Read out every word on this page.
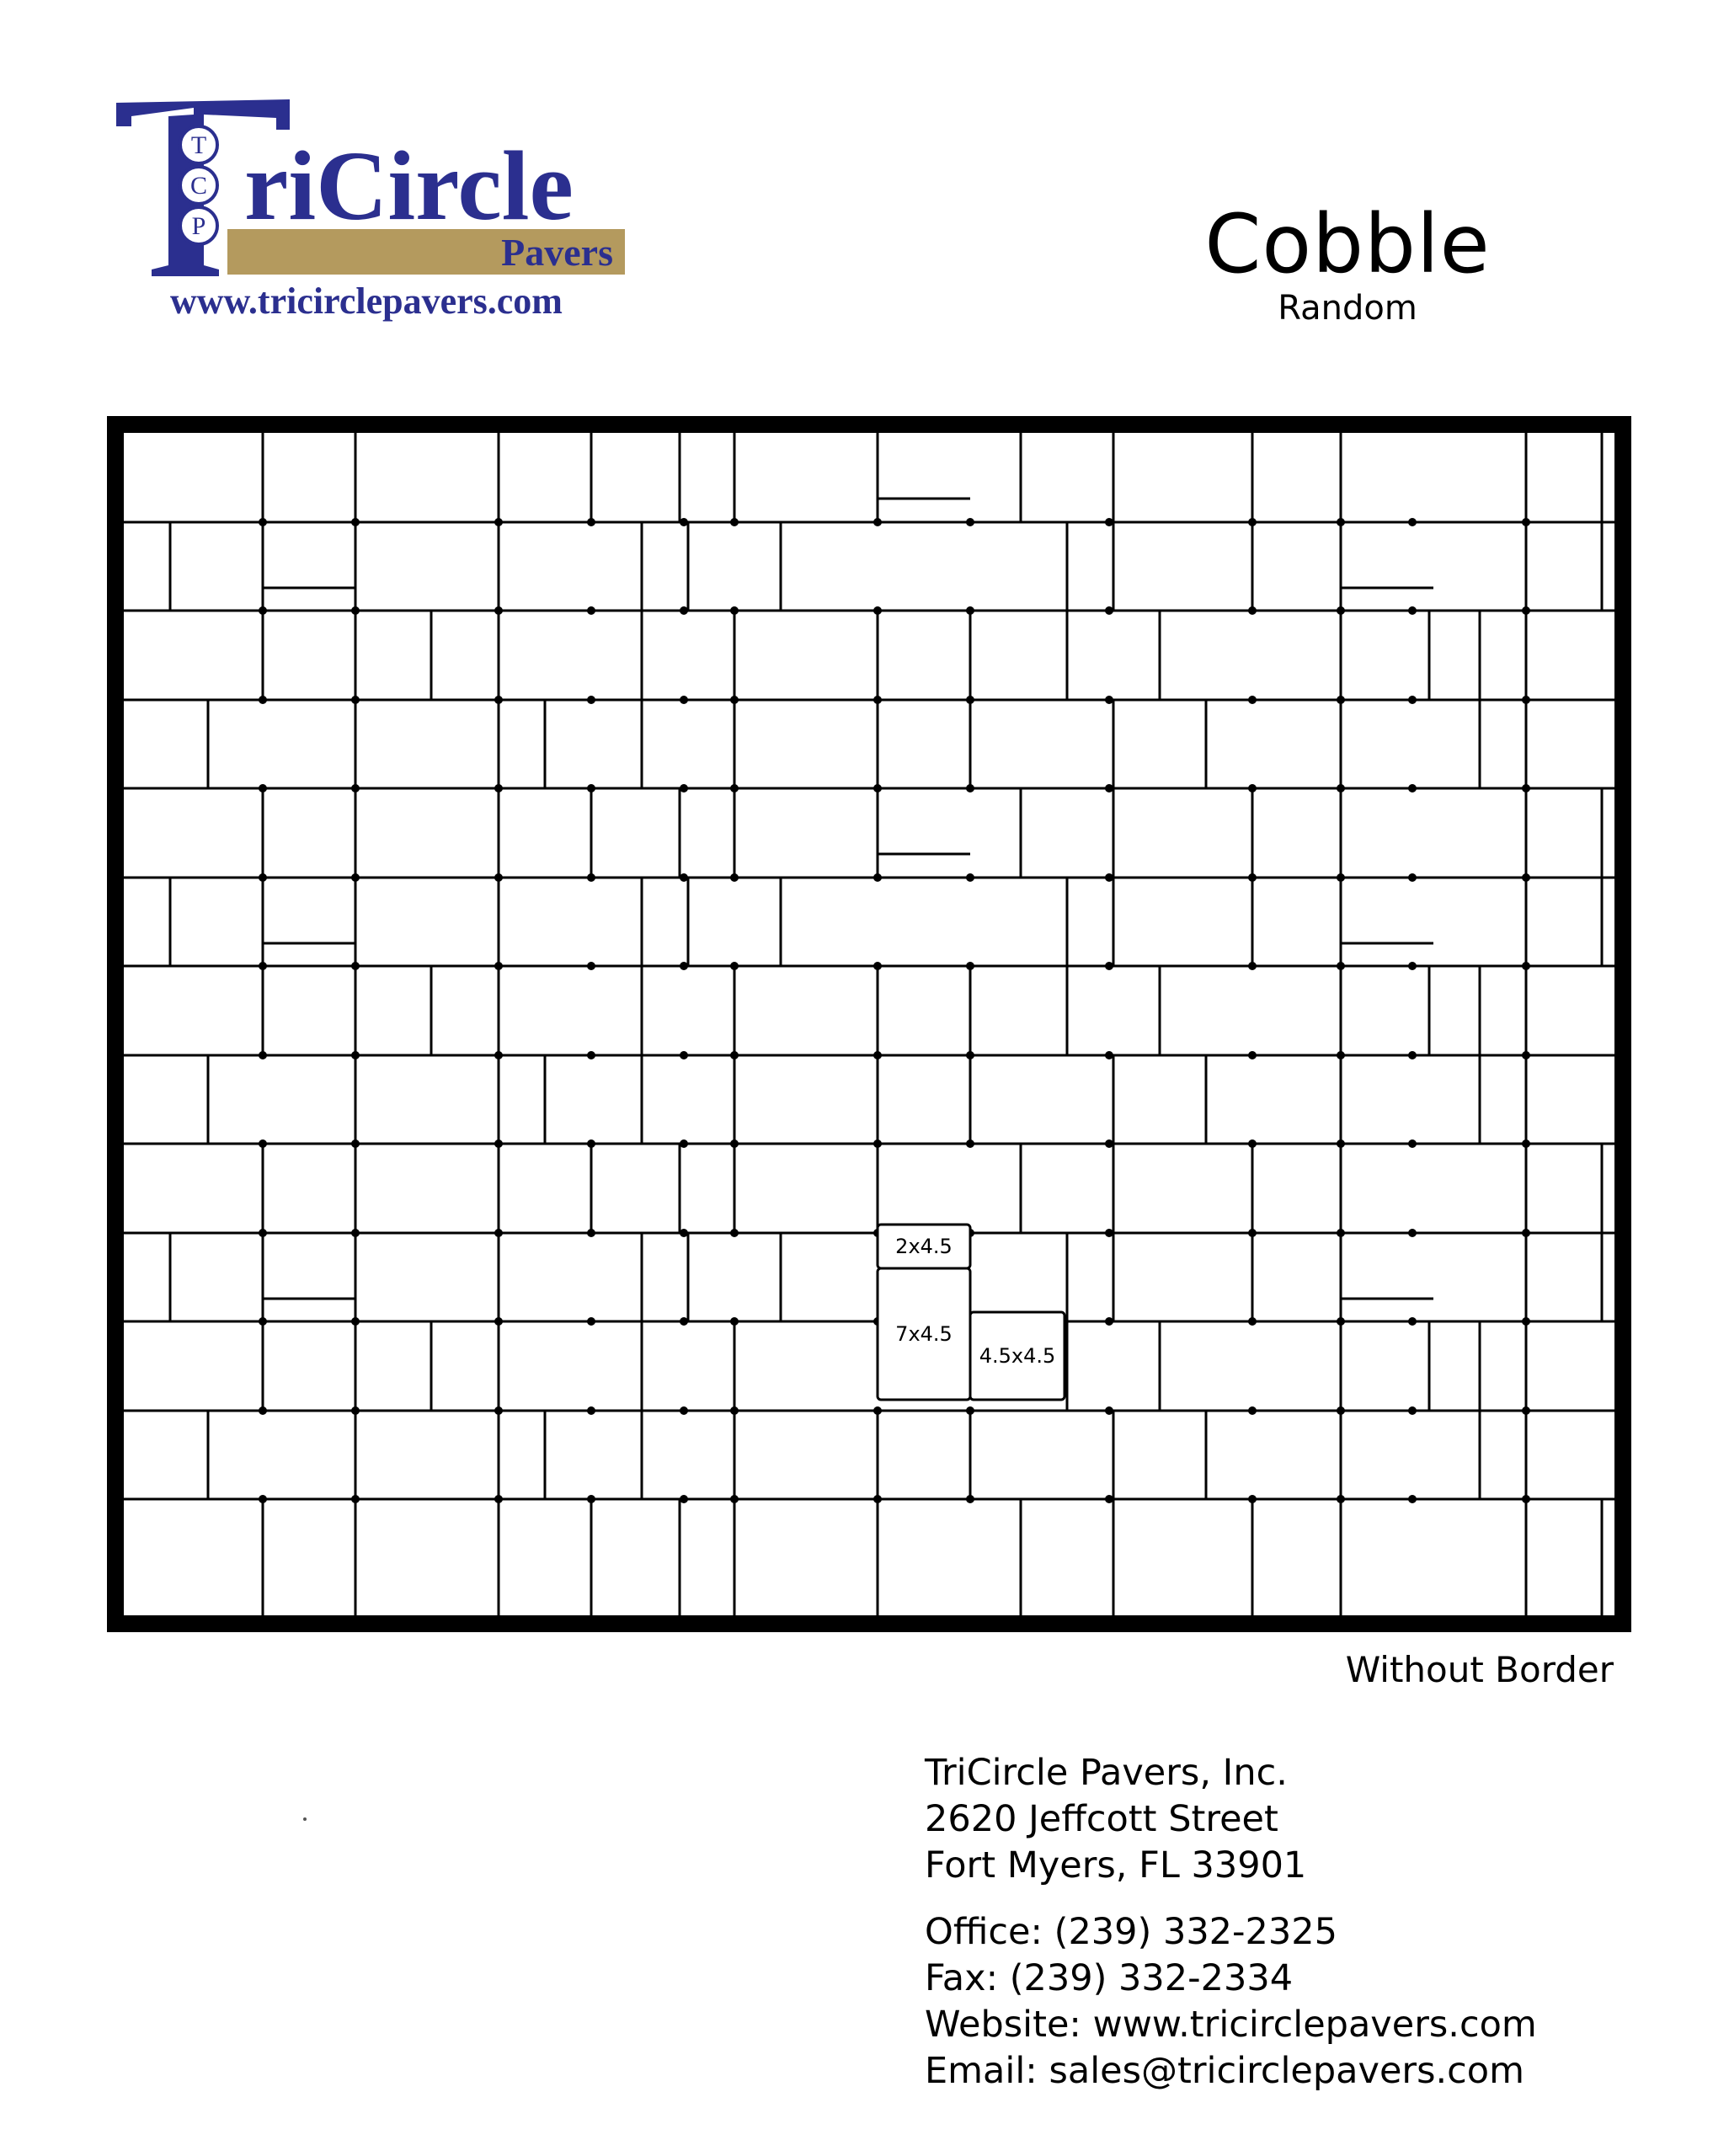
T
C
P riCircle
Pavers
www.tricirclepavers.com
Cobble
Random
2x4.5
7x4.5
4.5x4.5
Without Border
TriCircle Pavers, Inc.
2620 Jeffcott Street
Fort Myers, FL 33901
Office: (239) 332-2325
Fax: (239) 332-2334
Website: www.tricirclepavers.com
Email: sales@tricirclepavers.com
